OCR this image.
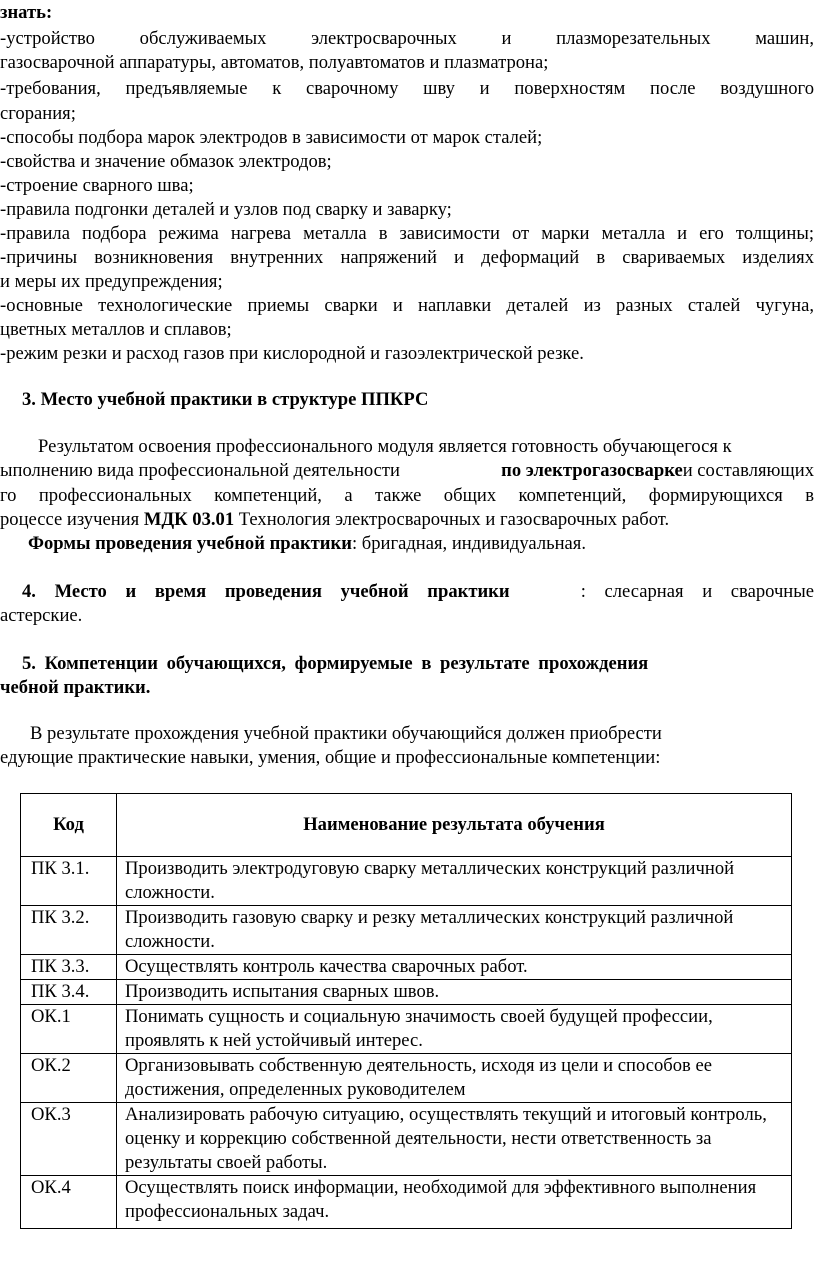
знать:
-устройство обслуживаемых электросварочных и плазморезательных машин,
газосварочной аппаратуры, автоматов, полуавтоматов и плазматрона;
-требования, предъявляемые к сварочному шву и поверхностям после воздушного
сгорания;
-способы подбора марок электродов в зависимости от марок сталей;
-свойства и значение обмазок электродов;
-строение сварного шва;
-правила подгонки деталей и узлов под сварку и заварку;
-правила подбора режима нагрева металла в зависимости от марки металла и его толщины;
-причины возникновения внутренних напряжений и деформаций в свариваемых изделиях
и меры их предупреждения;
-основные технологические приемы сварки и наплавки деталей из разных сталей чугуна,
цветных металлов и сплавов;
-режим резки и расход газов при кислородной и газоэлектрической резке.
3. Место учебной практики в структуре ППКРС
Результатом освоения профессионального модуля является готовность обучающегося к
ыполнению вида профессиональной деятельности	по электрогазосваркеи составляющих
го профессиональных компетенций, а также общих компетенций, формирующихся в
роцессе изучения МДК 03.01 Технология электросварочных и газосварочных работ.
Формы проведения учебной практики: бригадная, индивидуальная.
4. Место и время проведения учебной практики	: слесарная и сварочные
астерские.
5. Компетенции обучающихся, формируемые в результате прохождения
чебной практики.
В результате прохождения учебной практики обучающийся должен приобрести
едующие практические навыки, умения, общие и профессиональные компетенции:
Код	Наименование результата обучения
ПК 3.1.	Производить электродуговую сварку металлических конструкций различной сложности.
ПК 3.2.	Производить газовую сварку и резку металлических конструкций различной сложности.
ПК 3.3.	Осуществлять контроль качества сварочных работ.
ПК 3.4.	Производить испытания сварных швов.
ОК.1	Понимать сущность и социальную значимость своей будущей профессии, проявлять к ней устойчивый интерес.
ОК.2	Организовывать собственную деятельность, исходя из цели и способов ее достижения, определенных руководителем
ОК.3	Анализировать рабочую ситуацию, осуществлять текущий и итоговый контроль, оценку и коррекцию собственной деятельности, нести ответственность за результаты своей работы.
ОК.4	Осуществлять поиск информации, необходимой для эффективного выполнения профессиональных задач.
